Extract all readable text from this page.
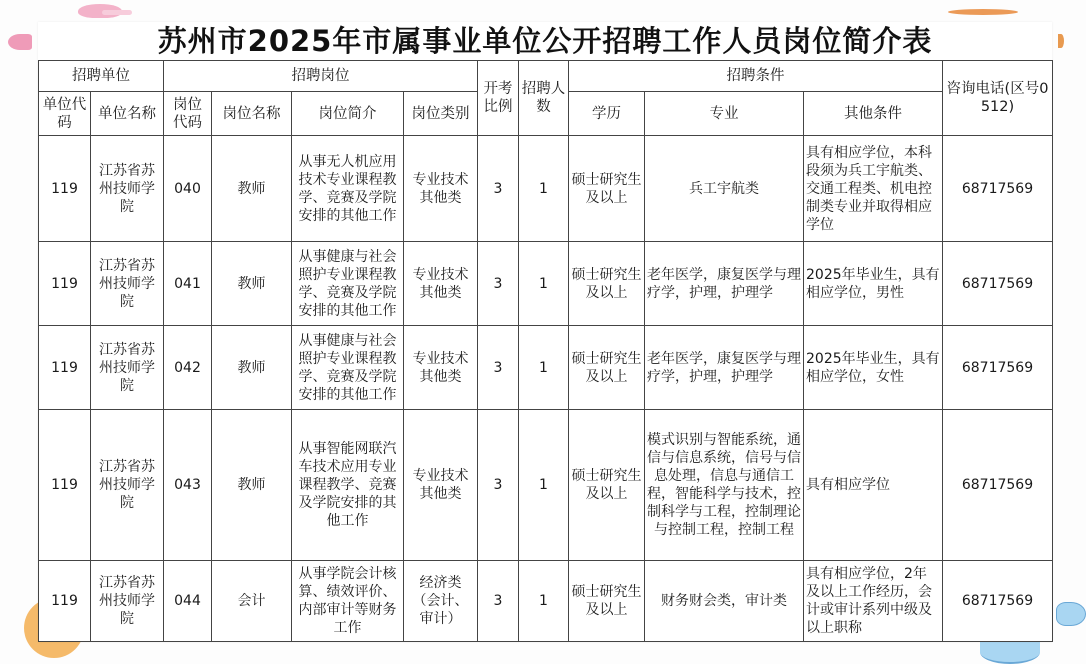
苏州市2025年市属事业单位公开招聘工作人员岗位简介表
招聘单位		招聘岗位				开考比例	招聘人数	招聘条件			咨询电话(区号0512)
单位代码	单位名称	岗位代码	岗位名称	岗位简介	岗位类别			学历	专业	其他条件	
119	江苏省苏州技师学院	040	教师	从事无人机应用技术专业课程教学、竞赛及学院安排的其他工作	专业技术其他类	3	1	硕士研究生及以上	兵工宇航类	具有相应学位，本科段须为兵工宇航类、交通工程类、机电控制类专业并取得相应学位	68717569
119	江苏省苏州技师学院	041	教师	从事健康与社会照护专业课程教学、竞赛及学院安排的其他工作	专业技术其他类	3	1	硕士研究生及以上	老年医学，康复医学与理疗学，护理，护理学	2025年毕业生，具有相应学位，男性	68717569
119	江苏省苏州技师学院	042	教师	从事健康与社会照护专业课程教学、竞赛及学院安排的其他工作	专业技术其他类	3	1	硕士研究生及以上	老年医学，康复医学与理疗学，护理，护理学	2025年毕业生，具有相应学位，女性	68717569
119	江苏省苏州技师学院	043	教师	从事智能网联汽车技术应用专业课程教学、竞赛及学院安排的其他工作	专业技术其他类	3	1	硕士研究生及以上	模式识别与智能系统，通信与信息系统，信号与信息处理，信息与通信工程，智能科学与技术，控制科学与工程，控制理论与控制工程，控制工程	具有相应学位	68717569
119	江苏省苏州技师学院	044	会计	从事学院会计核算、绩效评价、内部审计等财务工作	经济类（会计、审计）	3	1	硕士研究生及以上	财务财会类，审计类	具有相应学位，2年及以上工作经历，会计或审计系列中级及以上职称	68717569
